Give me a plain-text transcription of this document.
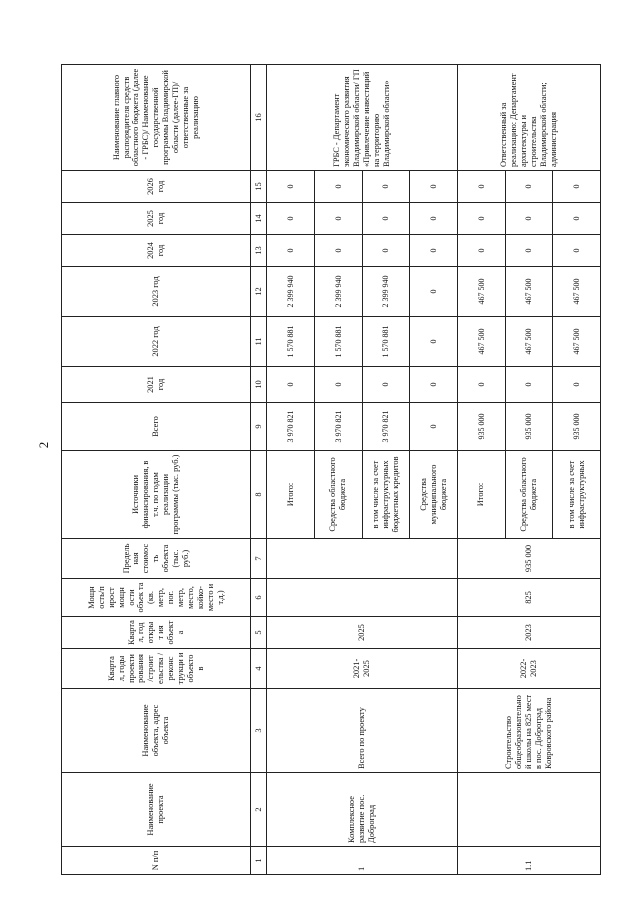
2
N п/п	Наименование проекта	Наименование объекта, адрес объекта	Кварта л, годы проекти рования /строит ельства /реконс трукци и объекто в	Кварта л, год открыт ия объект а	Мощн ость/п ирост мощн ости объек та (кв. метр, пог. метр, место, койко-место и т.д.)	Предель ная стоимос ть объекта (тыс. руб.)	Источники финансирования, в т.ч. по годам реализации программы (тыс. руб.)	Всего	2021 год	2022 год	2023 год	2024 год	2025 год	2026 год	Наименование главного распорядителя средств областного бюджета (далее - ГРБС)/ Наименование государственной программы Владимирской области (далее-ГП)/ ответственные за реализацию
1	2	3	4	5	6	7	8	9	10	11	12	13	14	15	16
1	Комплексное развитие пос. Доброград	Всего по проекту	2021-2025	2025			Итого:	3 970 821	0	1 570 881	2 399 940	0	0	0	ГРБС - Департамент экономического развития Владимирской области/ ГП «Привлечение инвестиций на территорию Владимирской области»
							Средства областного бюджета	3 970 821	0	1 570 881	2 399 940	0	0	0	
							в том числе за счет инфраструктурных бюджетных кредитов	3 970 821	0	1 570 881	2 399 940	0	0	0	
							Средства муниципального бюджета	0	0	0	0	0	0	0	
1.1		Строительство общеобразовательно й школы на 825 мест в пос. Доброград Ковровского района	2022-2023	2023	825	935 000	Итого:	935 000	0	467 500	467 500	0	0	0	Ответственный за реализацию: Департамент архитектуры и строительства Владимирской области; администрация
							Средства областного бюджета	935 000	0	467 500	467 500	0	0	0	
							в том числе за счет инфраструктурных	935 000	0	467 500	467 500	0	0	0	
